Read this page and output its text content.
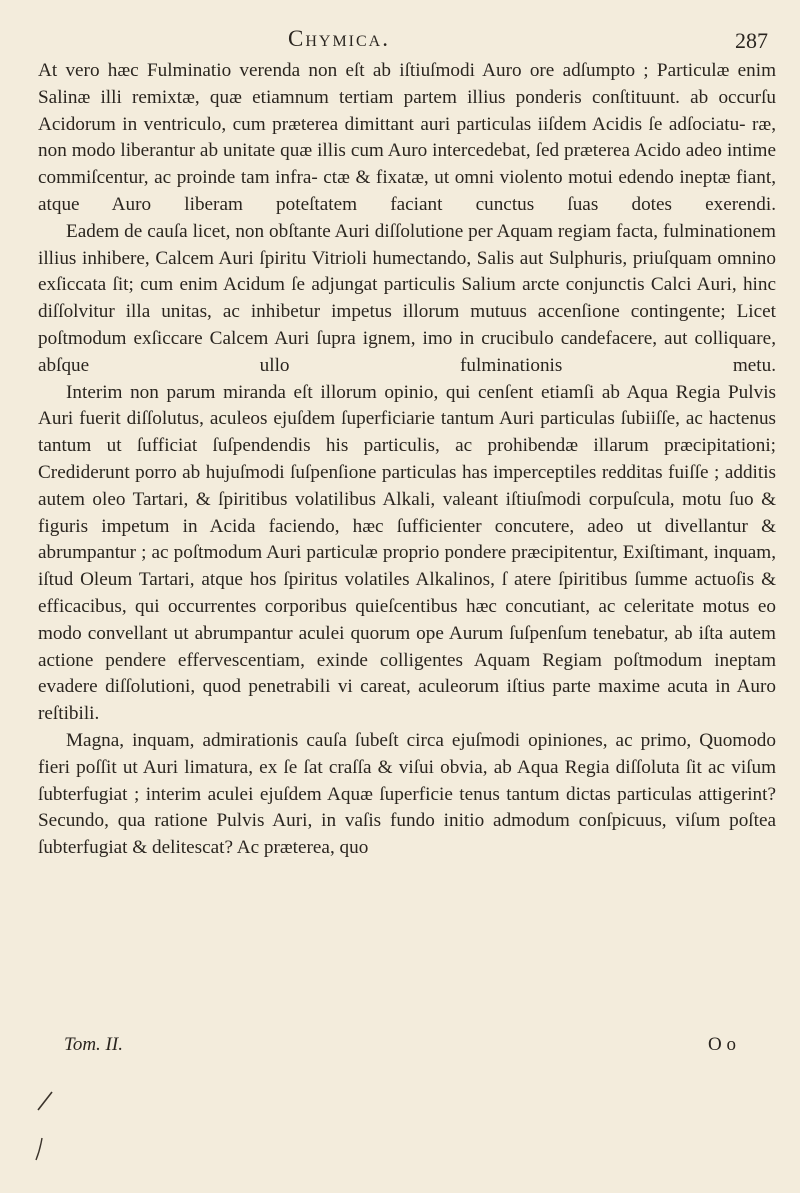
Chymica.	287

At vero hæc Fulminatio verenda non eſt ab iſtiuſmodi Auro ore adſumpto ; Particulæ enim Salinæ illi remixtæ, quæ etiamnum tertiam partem illius ponderis conſtituunt. ab occurſu Acidorum in ventriculo, cum præterea dimittant auri particulas iiſdem Acidis ſe adſociatu- ræ, non modo liberantur ab unitate quæ illis cum Auro intercedebat, ſed præterea Acido adeo intime commiſcentur, ac proinde tam infra- ctæ & fixatæ, ut omni violento motui edendo ineptæ fiant, atque Auro liberam poteſtatem faciant cunctus ſuas dotes exerendi.

Eadem de cauſa licet, non obſtante Auri diſſolutione per Aquam regiam facta, fulminationem illius inhibere, Calcem Auri ſpiritu Vitrioli humectando, Salis aut Sulphuris, priuſquam omnino exſiccata ſit; cum enim Acidum ſe adjungat particulis Salium arcte conjunctis Calci Auri, hinc diſſolvitur illa unitas, ac inhibetur impetus illorum mutuus accenſione contingente; Licet poſtmodum exſiccare Calcem Auri ſupra ignem, imo in crucibulo candefacere, aut colliquare, abſque ullo fulminationis metu.

Interim non parum miranda eſt illorum opinio, qui cenſent etiamſi ab Aqua Regia Pulvis Auri fuerit diſſolutus, aculeos ejuſdem ſuperficiarie tantum Auri particulas ſubiiſſe, ac hactenus tantum ut ſufficiat ſuſpendendis his particulis, ac prohibendæ illarum præcipitationi; Crediderunt porro ab hujuſmodi ſuſpenſione particulas has imperceptiles redditas fuiſſe ; additis autem oleo Tartari, & ſpiritibus volatilibus Alkali, valeant iſtiuſmodi corpuſcula, motu ſuo & figuris impetum in Acida faciendo, hæc ſufficienter concutere, adeo ut divellantur & abrumpantur ; ac poſtmodum Auri particulæ proprio pondere præcipitentur, Exiſtimant, inquam, iſtud Oleum Tartari, atque hos ſpiritus volatiles Alkalinos, ſ atere ſpiritibus ſumme actuoſis & efficacibus, qui occurrentes corporibus quieſcentibus hæc concutiant, ac celeritate motus eo modo convellant ut abrumpantur aculei quorum ope Aurum ſuſpenſum tenebatur, ab iſta autem actione pendere effervescentiam, exinde colligentes Aquam Regiam poſtmodum ineptam evadere diſſolutioni, quod penetrabili vi careat, aculeorum iſtius parte maxime acuta in Auro reſtibili.

Magna, inquam, admirationis cauſa ſubeſt circa ejuſmodi opiniones, ac primo, Quomodo fieri poſſit ut Auri limatura, ex ſe ſat craſſa & viſui obvia, ab Aqua Regia diſſoluta ſit ac viſum ſubterfugiat ; interim aculei ejuſdem Aquæ ſuperficie tenus tantum dictas particulas attigerint? Secundo, qua ratione Pulvis Auri, in vaſis fundo initio admodum conſpicuus, viſum poſtea ſubterfugiat & delitescat? Ac præterea, quo

Tom. II.	O o
